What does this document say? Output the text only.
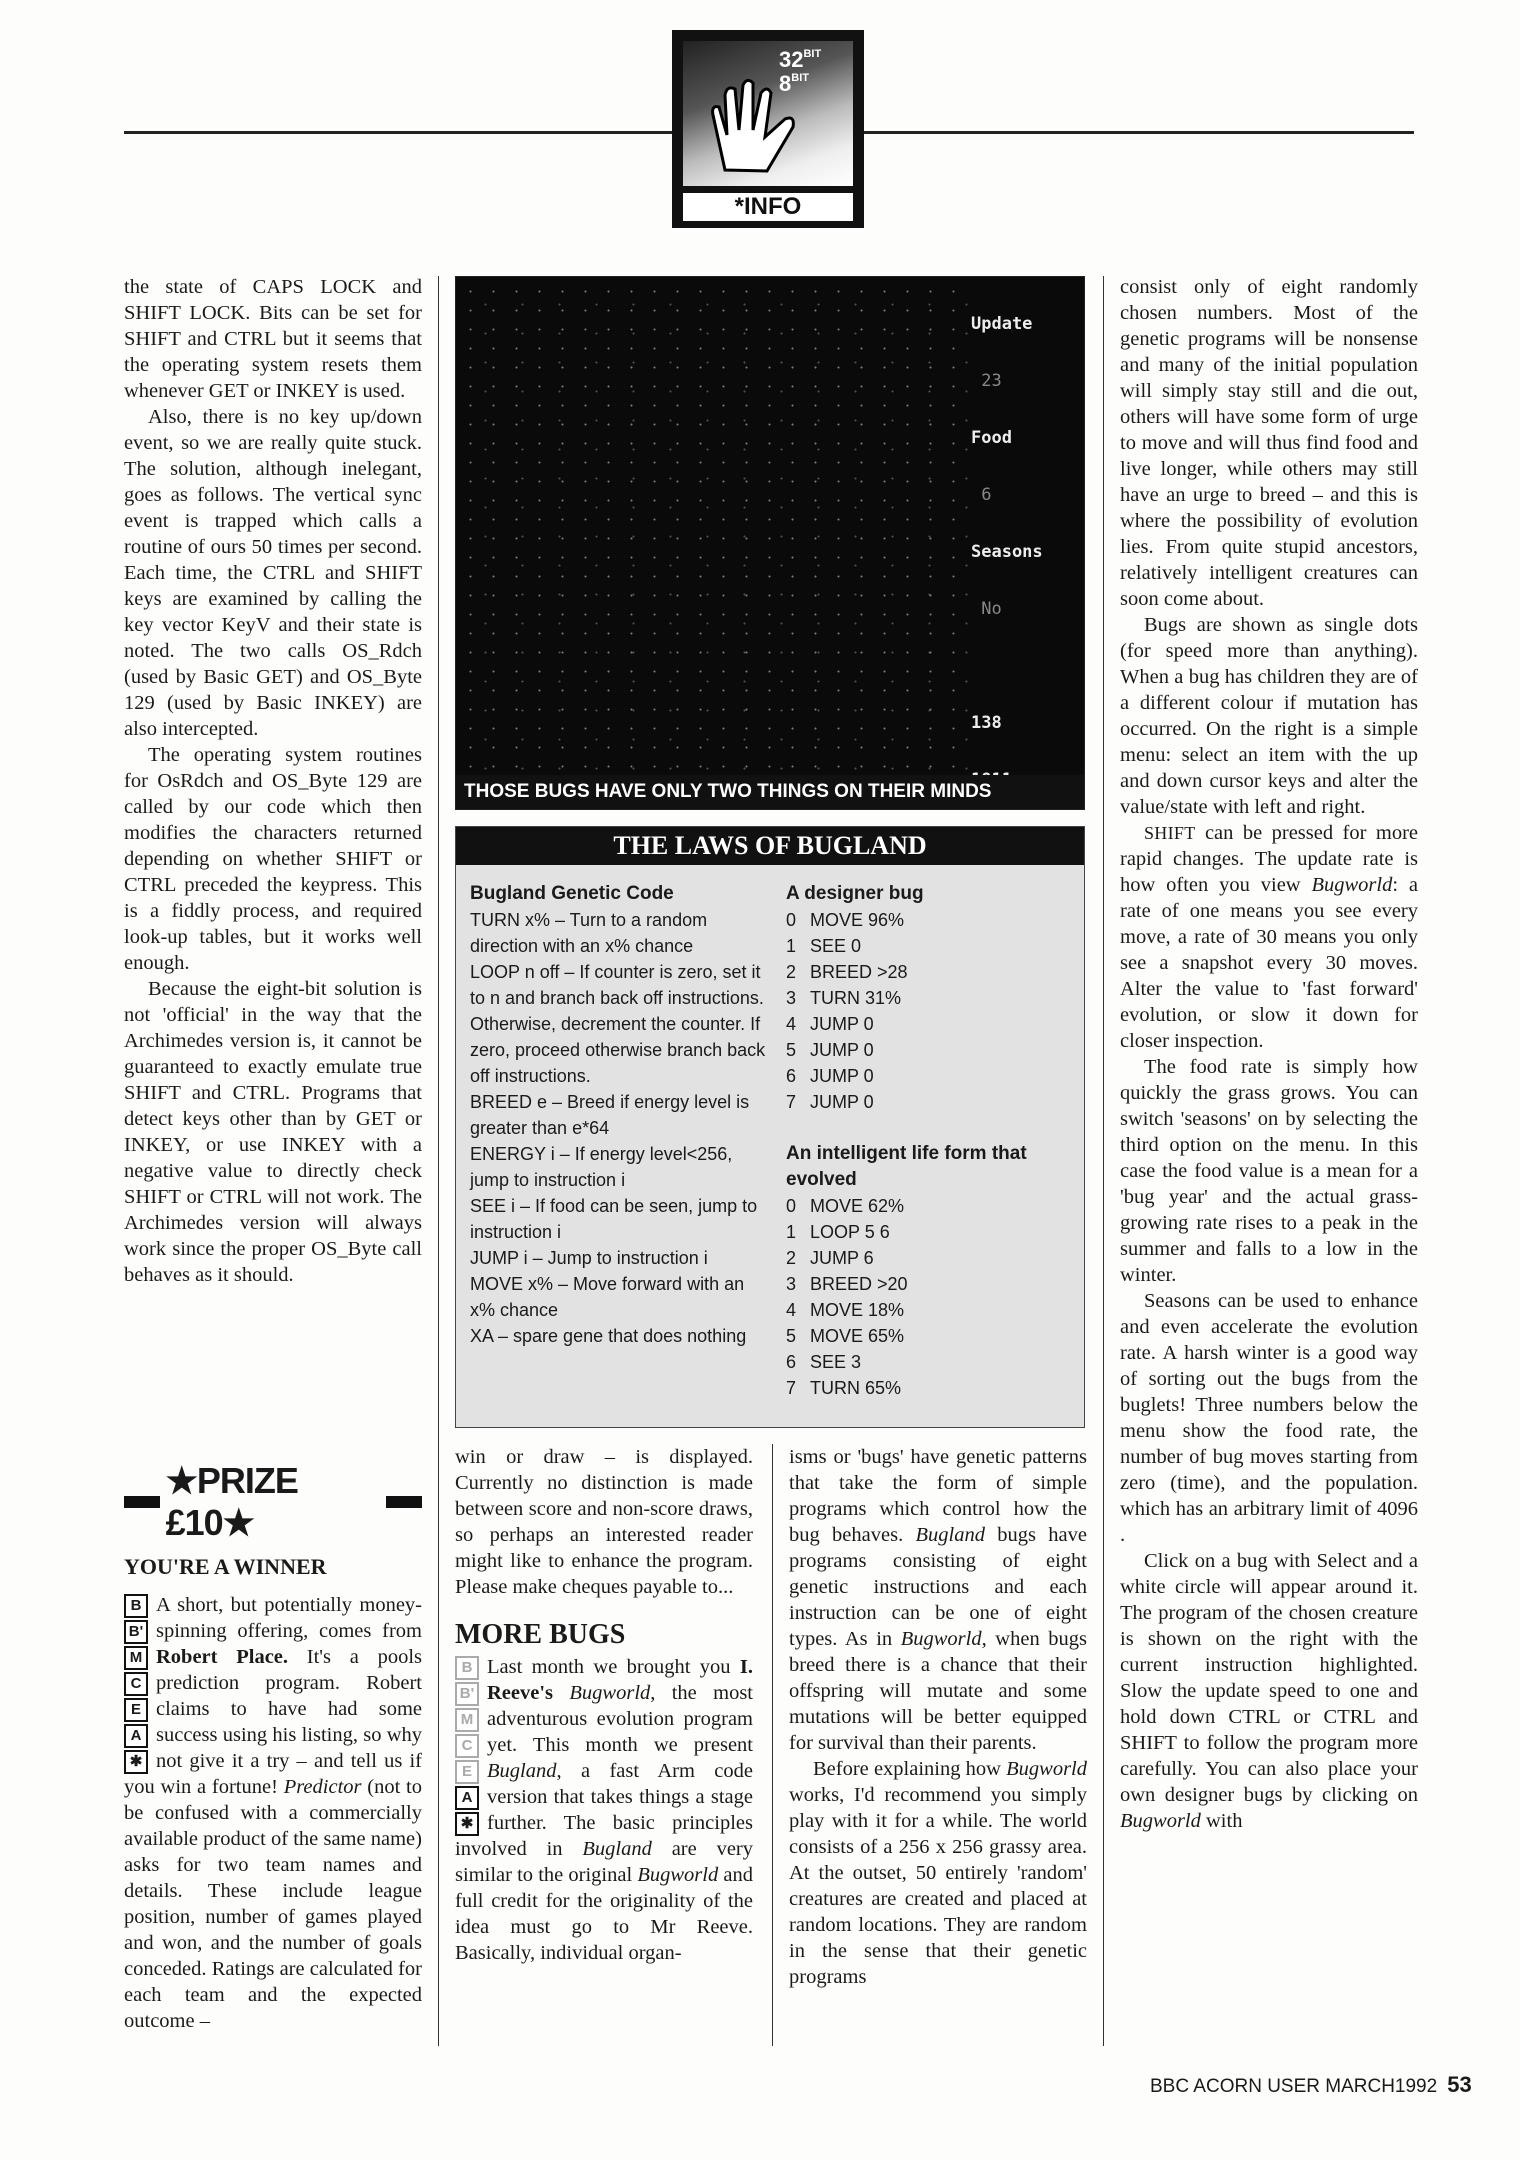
$32^{BIT}$
$8^{BIT}$
*INFO

the state of CAPS LOCK and SHIFT LOCK. Bits can be set for SHIFT and CTRL but it seems that the operating system resets them whenever GET or INKEY is used.

Also, there is no key up/down event, so we are really quite stuck. The solution, although inelegant, goes as follows. The vertical sync event is trapped which calls a routine of ours 50 times per second. Each time, the CTRL and SHIFT keys are examined by calling the key vector KeyV and their state is noted. The two calls OS_Rdch (used by Basic GET) and OS_Byte 129 (used by Basic INKEY) are also intercepted.

The operating system routines for OsRdch and OS_Byte 129 are called by our code which then modifies the characters returned depending on whether SHIFT or CTRL preceded the keypress. This is a fiddly process, and required look-up tables, but it works well enough.

Because the eight-bit solution is not 'official' in the way that the Archimedes version is, it cannot be guaranteed to exactly emulate true SHIFT and CTRL. Programs that detect keys other than by GET or INKEY, or use INKEY with a negative value to directly check SHIFT or CTRL will not work. The Archimedes version will always work since the proper OS_Byte call behaves as it should.

★PRIZE £10★
YOU'RE A WINNER
B
B'
M
C
E
A
✱
A short, but potentially money-spinning offering, comes from Robert Place. It's a pools prediction program. Robert claims to have had some success using his listing, so why not give it a try – and tell us if you win a fortune! Predictor (not to be confused with a commercially available product of the same name) asks for two team names and details. These include league position, number of games played and won, and the number of goals conceded. Ratings are calculated for each team and the expected outcome –

Update

23

Food

6

Seasons

No

138

THOSE BUGS HAVE ONLY TWO THINGS ON THEIR MINDS
THE LAWS OF BUGLAND
Bugland Genetic Code
TURN x% – Turn to a random direction with an x% chance
LOOP n off – If counter is zero, set it to n and branch back off instructions. Otherwise, decrement the counter. If zero, proceed otherwise branch back off instructions.
BREED e – Breed if energy level is greater than e*64
ENERGY i – If energy level<256, jump to instruction i
SEE i – If food can be seen, jump to instruction i
JUMP i – Jump to instruction i
MOVE x% – Move forward with an x% chance
XA – spare gene that does nothing
A designer bug
0 MOVE 96%
1 SEE 0
2 BREED >28
3 TURN 31%
4 JUMP 0
5 JUMP 0
6 JUMP 0
7 JUMP 0
An intelligent life form that evolved
0 MOVE 62%
1 LOOP 5 6
2 JUMP 6
3 BREED >20
4 MOVE 18%
5 MOVE 65%
6 SEE 3
7 TURN 65%

win or draw – is displayed. Currently no distinction is made between score and non-score draws, so perhaps an interested reader might like to enhance the program. Please make cheques payable to...

MORE BUGS
B
B'
M
C
E
A
✱
Last month we brought you I. Reeve's Bugworld, the most adventurous evolution program yet. This month we present Bugland, a fast Arm code version that takes things a stage further. The basic principles involved in Bugland are very similar to the original Bugworld and full credit for the originality of the idea must go to Mr Reeve. Basically, individual organ-

isms or 'bugs' have genetic patterns that take the form of simple programs which control how the bug behaves. Bugland bugs have programs consisting of eight genetic instructions and each instruction can be one of eight types. As in Bugworld, when bugs breed there is a chance that their offspring will mutate and some mutations will be better equipped for survival than their parents.

Before explaining how Bugworld works, I'd recommend you simply play with it for a while. The world consists of a 256 x 256 grassy area. At the outset, 50 entirely 'random' creatures are created and placed at random locations. They are random in the sense that their genetic programs

consist only of eight randomly chosen numbers. Most of the genetic programs will be nonsense and many of the initial population will simply stay still and die out, others will have some form of urge to move and will thus find food and live longer, while others may still have an urge to breed – and this is where the possibility of evolution lies. From quite stupid ancestors, relatively intelligent creatures can soon come about.

Bugs are shown as single dots (for speed more than anything). When a bug has children they are of a different colour if mutation has occurred. On the right is a simple menu: select an item with the up and down cursor keys and alter the value/state with left and right.

SHIFT can be pressed for more rapid changes. The update rate is how often you view Bugworld: a rate of one means you see every move, a rate of 30 means you only see a snapshot every 30 moves. Alter the value to 'fast forward' evolution, or slow it down for closer inspection.

The food rate is simply how quickly the grass grows. You can switch 'seasons' on by selecting the third option on the menu. In this case the food value is a mean for a 'bug year' and the actual grass-growing rate rises to a peak in the summer and falls to a low in the winter.

Seasons can be used to enhance and even accelerate the evolution rate. A harsh winter is a good way of sorting out the bugs from the buglets! Three numbers below the menu show the food rate, the number of bug moves starting from zero (time), and the population. which has an arbitrary limit of 4096 .

Click on a bug with Select and a white circle will appear around it. The program of the chosen creature is shown on the right with the current instruction highlighted. Slow the update speed to one and hold down CTRL or CTRL and SHIFT to follow the program more carefully. You can also place your own designer bugs by clicking on Bugworld with

BBC ACORN USER MARCH1992 53
